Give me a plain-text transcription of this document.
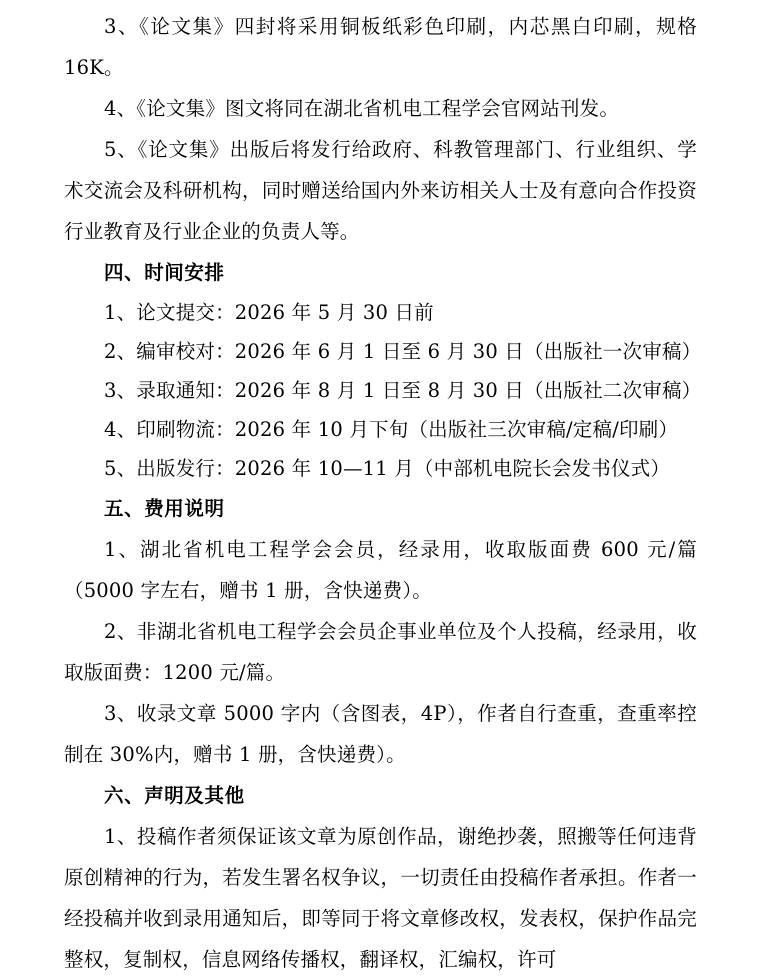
3、《论文集》四封将采用铜板纸彩色印刷，内芯黑白印刷，规格 16K。

4、《论文集》图文将同在湖北省机电工程学会官网站刊发。

5、《论文集》出版后将发行给政府、科教管理部门、行业组织、学术交流会及科研机构，同时赠送给国内外来访相关人士及有意向合作投资行业教育及行业企业的负责人等。

四、时间安排

1、论文提交：2026 年 5 月 30 日前

2、编审校对：2026 年 6 月 1 日至 6 月 30 日（出版社一次审稿）

3、录取通知：2026 年 8 月 1 日至 8 月 30 日（出版社二次审稿）

4、印刷物流：2026 年 10 月下旬（出版社三次审稿/定稿/印刷）

5、出版发行：2026 年 10—11 月（中部机电院长会发书仪式）

五、费用说明

1、湖北省机电工程学会会员，经录用，收取版面费 600 元/篇（5000 字左右，赠书 1 册，含快递费）。

2、非湖北省机电工程学会会员企事业单位及个人投稿，经录用，收取版面费：1200 元/篇。

3、收录文章 5000 字内（含图表，4P），作者自行查重，查重率控制在 30%内，赠书 1 册，含快递费）。

六、声明及其他

1、投稿作者须保证该文章为原创作品，谢绝抄袭，照搬等任何违背原创精神的行为，若发生署名权争议，一切责任由投稿作者承担。作者一经投稿并收到录用通知后，即等同于将文章修改权，发表权，保护作品完整权，复制权，信息网络传播权，翻译权，汇编权，许可
